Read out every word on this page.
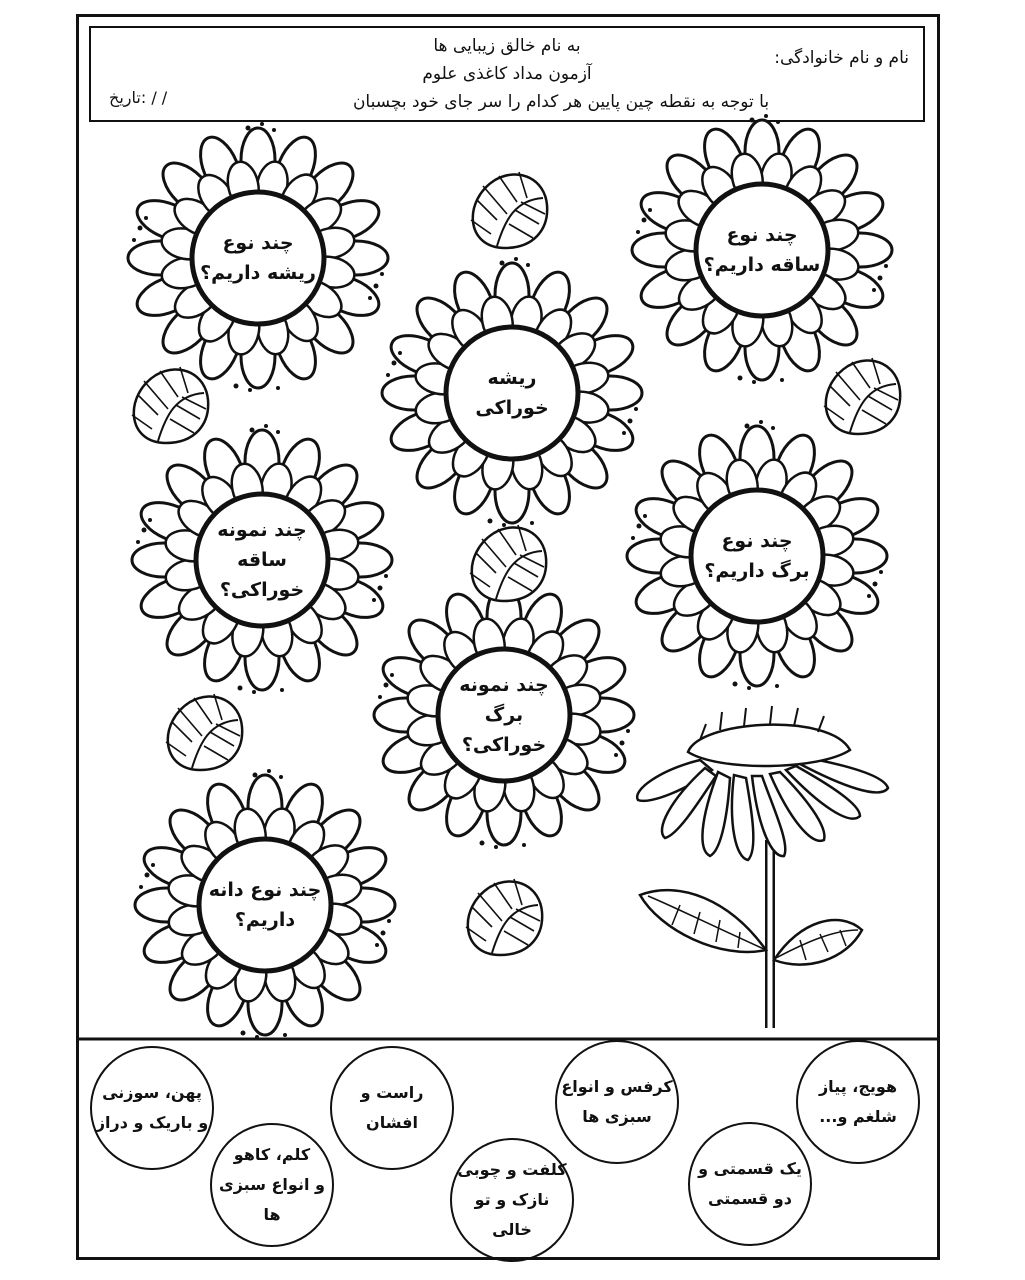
به نام خالق زیبایی ها
آزمون مداد کاغذی علوم
با توجه به نقطه چین پایین هر کدام را سر جای خود بچسبان
نام و نام خانوادگی:
تاریخ: / /
چند نوع
ریشه داریم؟
چند نوع
ساقه داریم؟
ریشه خوراکی
چند نمونه
ساقه خوراکی؟
چند نوع
برگ داریم؟
چند نمونه
برگ خوراکی؟
چند نوع دانه
داریم؟
هویج، پیاز
شلغم و...
کرفس و انواع
سبزی ها
راست و
افشان
پهن، سوزنی
و باریک و دراز
یک قسمتی و
دو قسمتی
کلفت و چوبی
نازک و تو خالی
کلم، کاهو
و انواع سبزی ها
